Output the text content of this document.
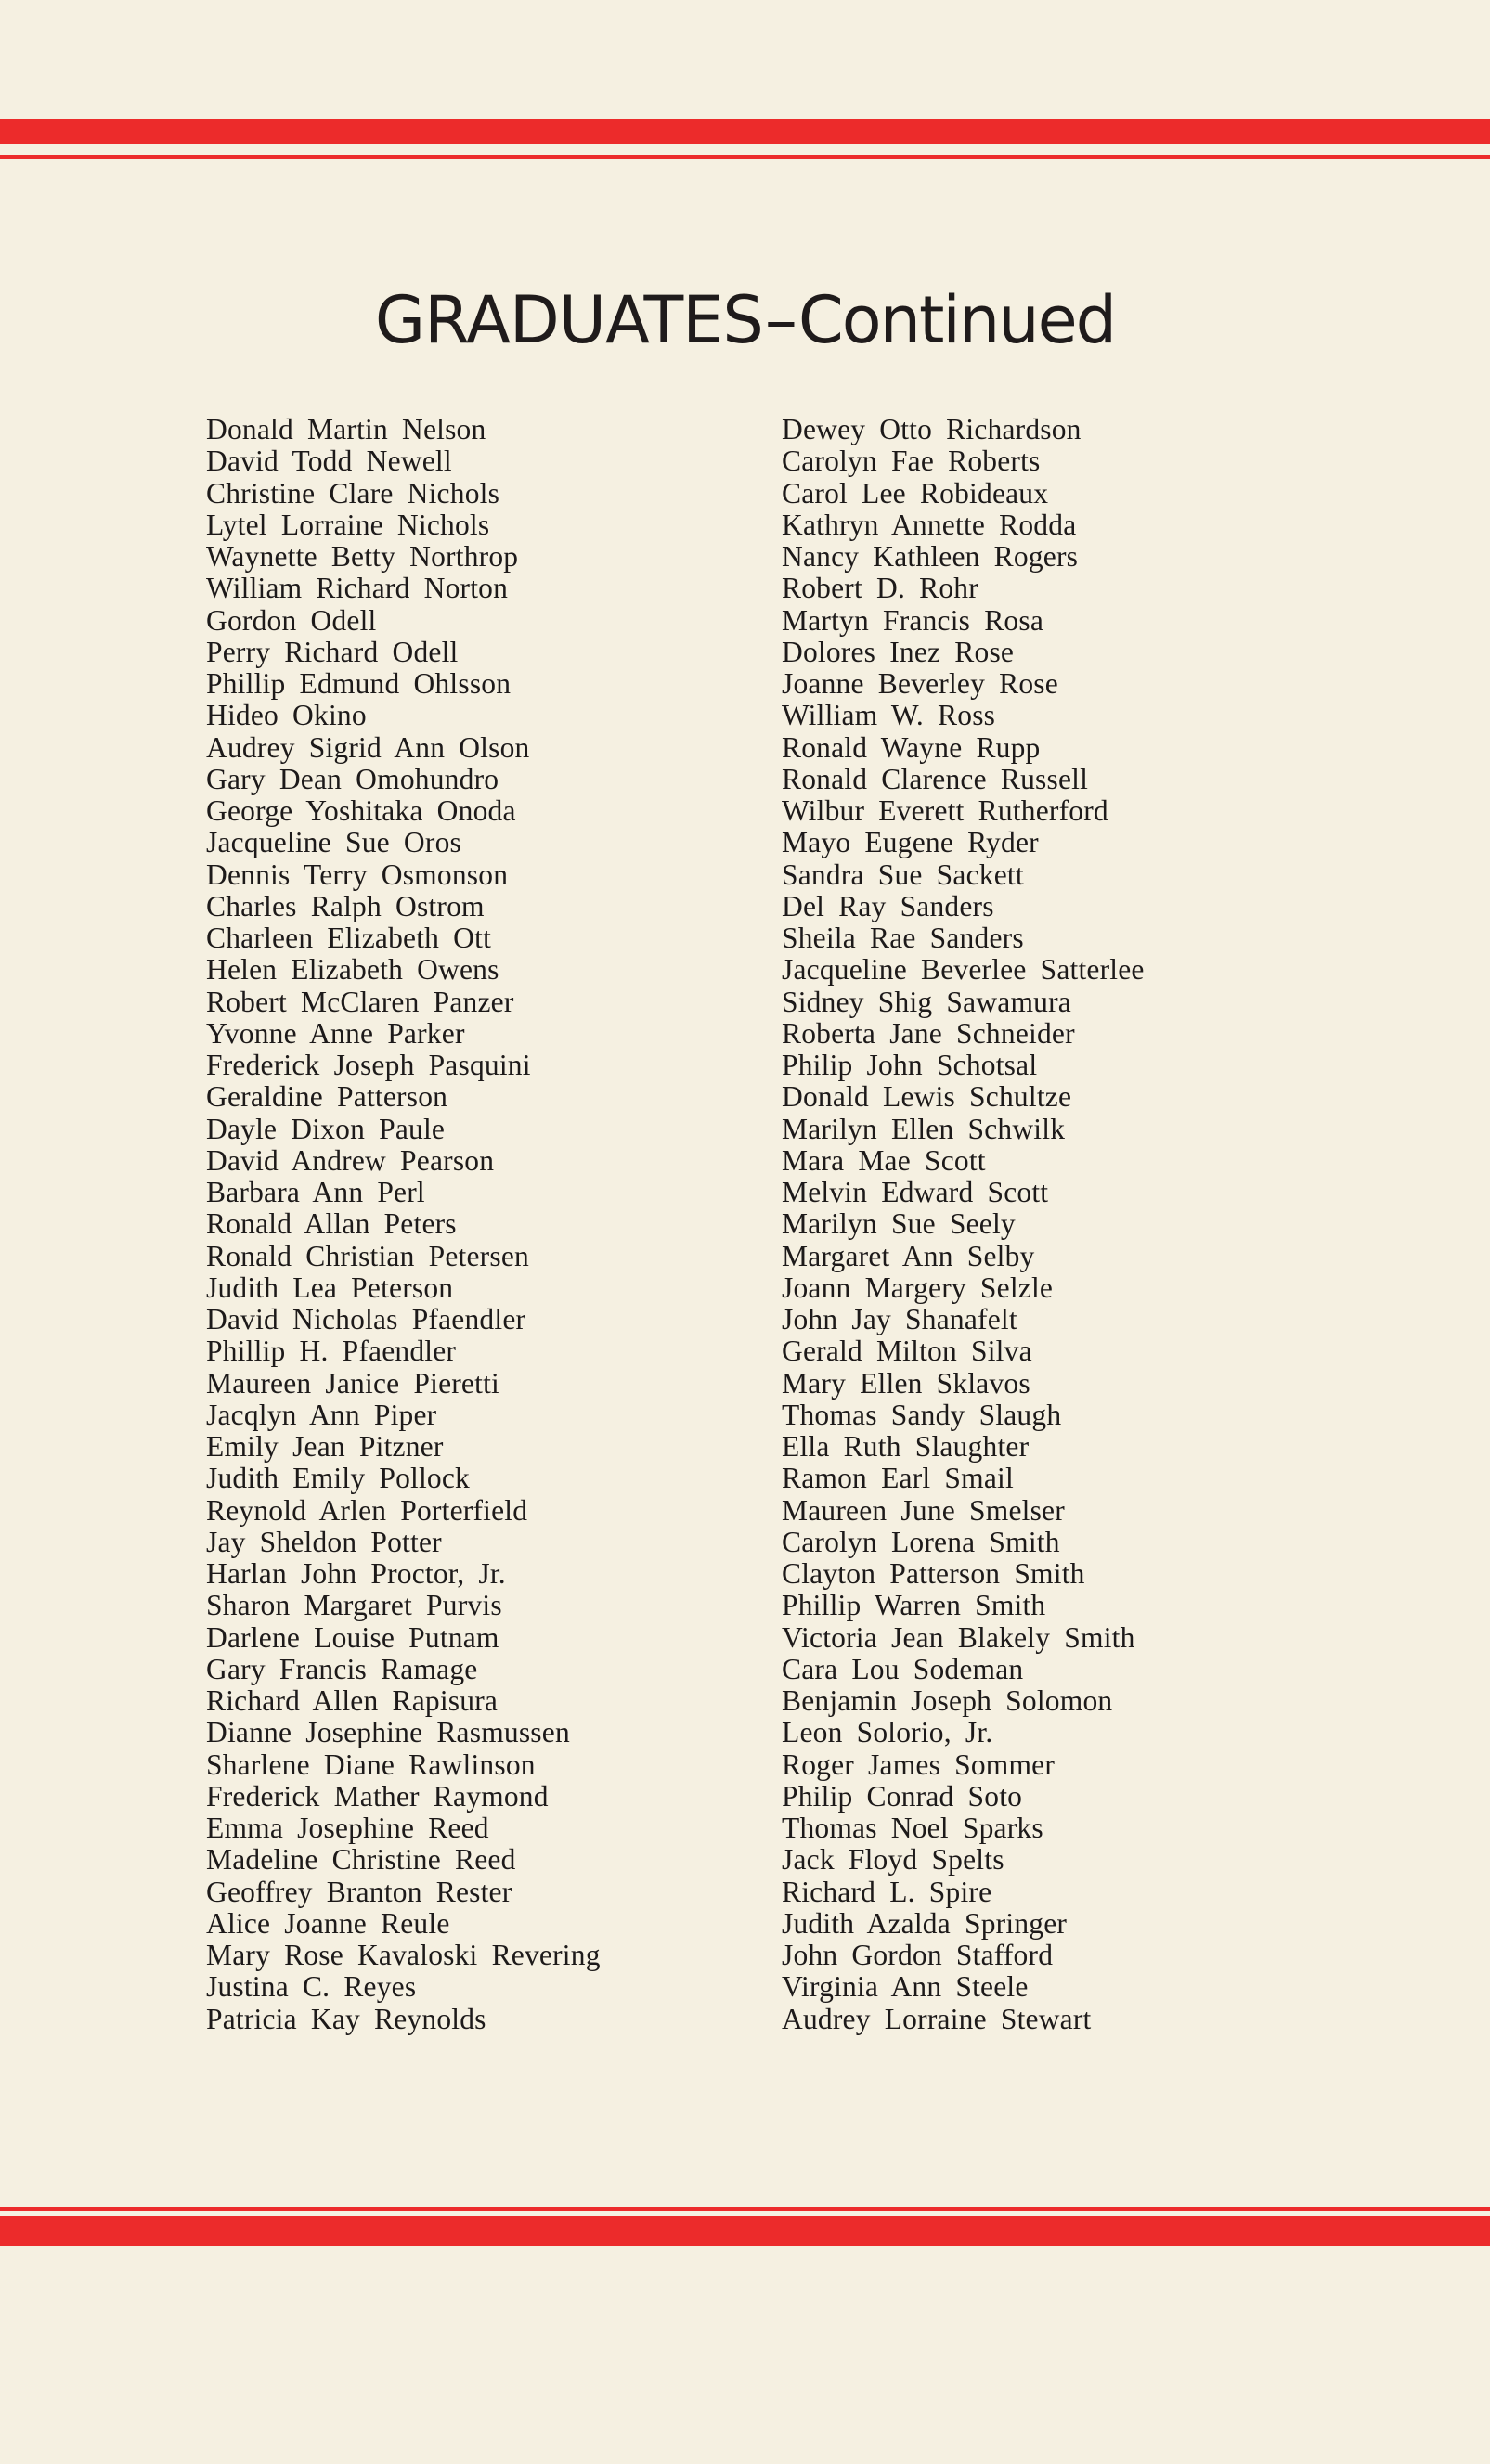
GRADUATES–Continued
Donald Martin Nelson
David Todd Newell
Christine Clare Nichols
Lytel Lorraine Nichols
Waynette Betty Northrop
William Richard Norton
Gordon Odell
Perry Richard Odell
Phillip Edmund Ohlsson
Hideo Okino
Audrey Sigrid Ann Olson
Gary Dean Omohundro
George Yoshitaka Onoda
Jacqueline Sue Oros
Dennis Terry Osmonson
Charles Ralph Ostrom
Charleen Elizabeth Ott
Helen Elizabeth Owens
Robert McClaren Panzer
Yvonne Anne Parker
Frederick Joseph Pasquini
Geraldine Patterson
Dayle Dixon Paule
David Andrew Pearson
Barbara Ann Perl
Ronald Allan Peters
Ronald Christian Petersen
Judith Lea Peterson
David Nicholas Pfaendler
Phillip H. Pfaendler
Maureen Janice Pieretti
Jacqlyn Ann Piper
Emily Jean Pitzner
Judith Emily Pollock
Reynold Arlen Porterfield
Jay Sheldon Potter
Harlan John Proctor, Jr.
Sharon Margaret Purvis
Darlene Louise Putnam
Gary Francis Ramage
Richard Allen Rapisura
Dianne Josephine Rasmussen
Sharlene Diane Rawlinson
Frederick Mather Raymond
Emma Josephine Reed
Madeline Christine Reed
Geoffrey Branton Rester
Alice Joanne Reule
Mary Rose Kavaloski Revering
Justina C. Reyes
Patricia Kay Reynolds
Dewey Otto Richardson
Carolyn Fae Roberts
Carol Lee Robideaux
Kathryn Annette Rodda
Nancy Kathleen Rogers
Robert D. Rohr
Martyn Francis Rosa
Dolores Inez Rose
Joanne Beverley Rose
William W. Ross
Ronald Wayne Rupp
Ronald Clarence Russell
Wilbur Everett Rutherford
Mayo Eugene Ryder
Sandra Sue Sackett
Del Ray Sanders
Sheila Rae Sanders
Jacqueline Beverlee Satterlee
Sidney Shig Sawamura
Roberta Jane Schneider
Philip John Schotsal
Donald Lewis Schultze
Marilyn Ellen Schwilk
Mara Mae Scott
Melvin Edward Scott
Marilyn Sue Seely
Margaret Ann Selby
Joann Margery Selzle
John Jay Shanafelt
Gerald Milton Silva
Mary Ellen Sklavos
Thomas Sandy Slaugh
Ella Ruth Slaughter
Ramon Earl Smail
Maureen June Smelser
Carolyn Lorena Smith
Clayton Patterson Smith
Phillip Warren Smith
Victoria Jean Blakely Smith
Cara Lou Sodeman
Benjamin Joseph Solomon
Leon Solorio, Jr.
Roger James Sommer
Philip Conrad Soto
Thomas Noel Sparks
Jack Floyd Spelts
Richard L. Spire
Judith Azalda Springer
John Gordon Stafford
Virginia Ann Steele
Audrey Lorraine Stewart
